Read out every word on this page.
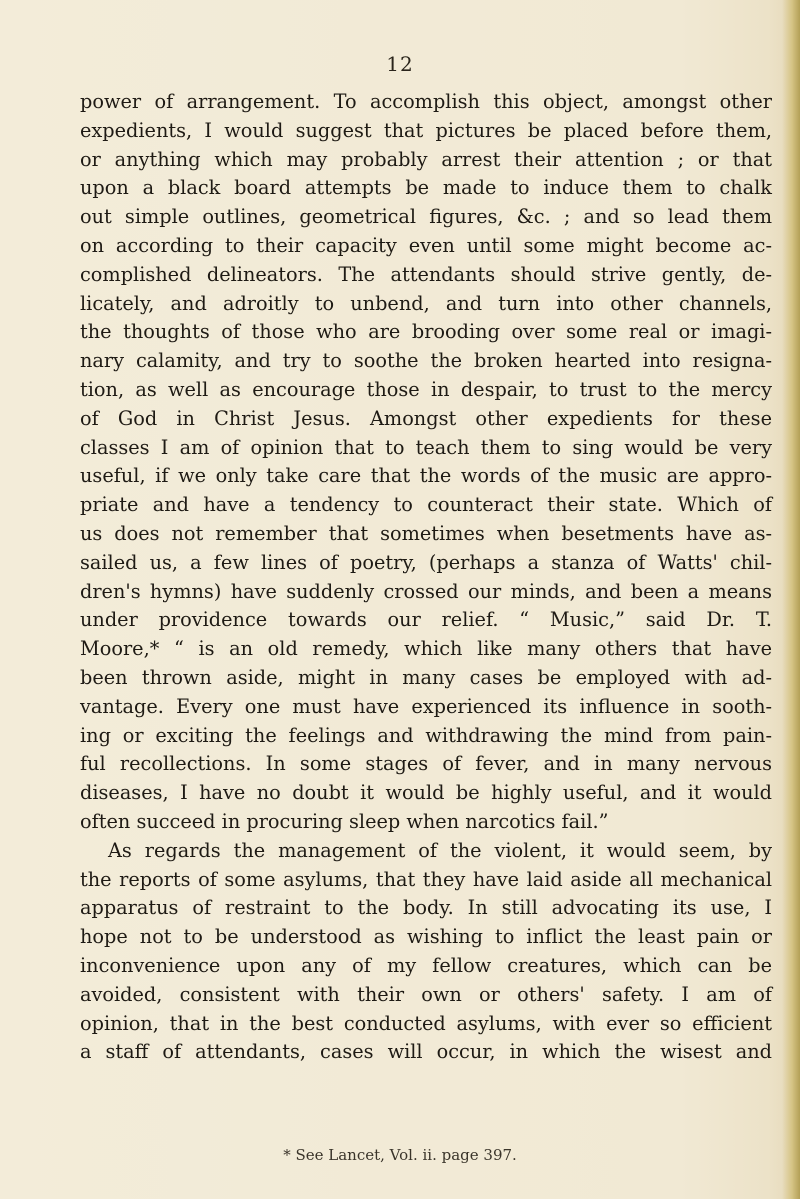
12
power of arrangement. To accomplish this object, amongst other
expedients, I would suggest that pictures be placed before them,
or anything which may probably arrest their attention ; or that
upon a black board attempts be made to induce them to chalk
out simple outlines, geometrical figures, &c. ; and so lead them
on according to their capacity even until some might become ac-
complished delineators. The attendants should strive gently, de-
licately, and adroitly to unbend, and turn into other channels,
the thoughts of those who are brooding over some real or imagi-
nary calamity, and try to soothe the broken hearted into resigna-
tion, as well as encourage those in despair, to trust to the mercy
of God in Christ Jesus. Amongst other expedients for these
classes I am of opinion that to teach them to sing would be very
useful, if we only take care that the words of the music are appro-
priate and have a tendency to counteract their state. Which of
us does not remember that sometimes when besetments have as-
sailed us, a few lines of poetry, (perhaps a stanza of Watts' chil-
dren's hymns) have suddenly crossed our minds, and been a means
under providence towards our relief. “ Music,” said Dr. T.
Moore,* “ is an old remedy, which like many others that have
been thrown aside, might in many cases be employed with ad-
vantage. Every one must have experienced its influence in sooth-
ing or exciting the feelings and withdrawing the mind from pain-
ful recollections. In some stages of fever, and in many nervous
diseases, I have no doubt it would be highly useful, and it would
often succeed in procuring sleep when narcotics fail.”
As regards the management of the violent, it would seem, by
the reports of some asylums, that they have laid aside all mechanical
apparatus of restraint to the body. In still advocating its use, I
hope not to be understood as wishing to inflict the least pain or
inconvenience upon any of my fellow creatures, which can be
avoided, consistent with their own or others' safety. I am of
opinion, that in the best conducted asylums, with ever so efficient
a staff of attendants, cases will occur, in which the wisest and
* See Lancet, Vol. ii. page 397.
